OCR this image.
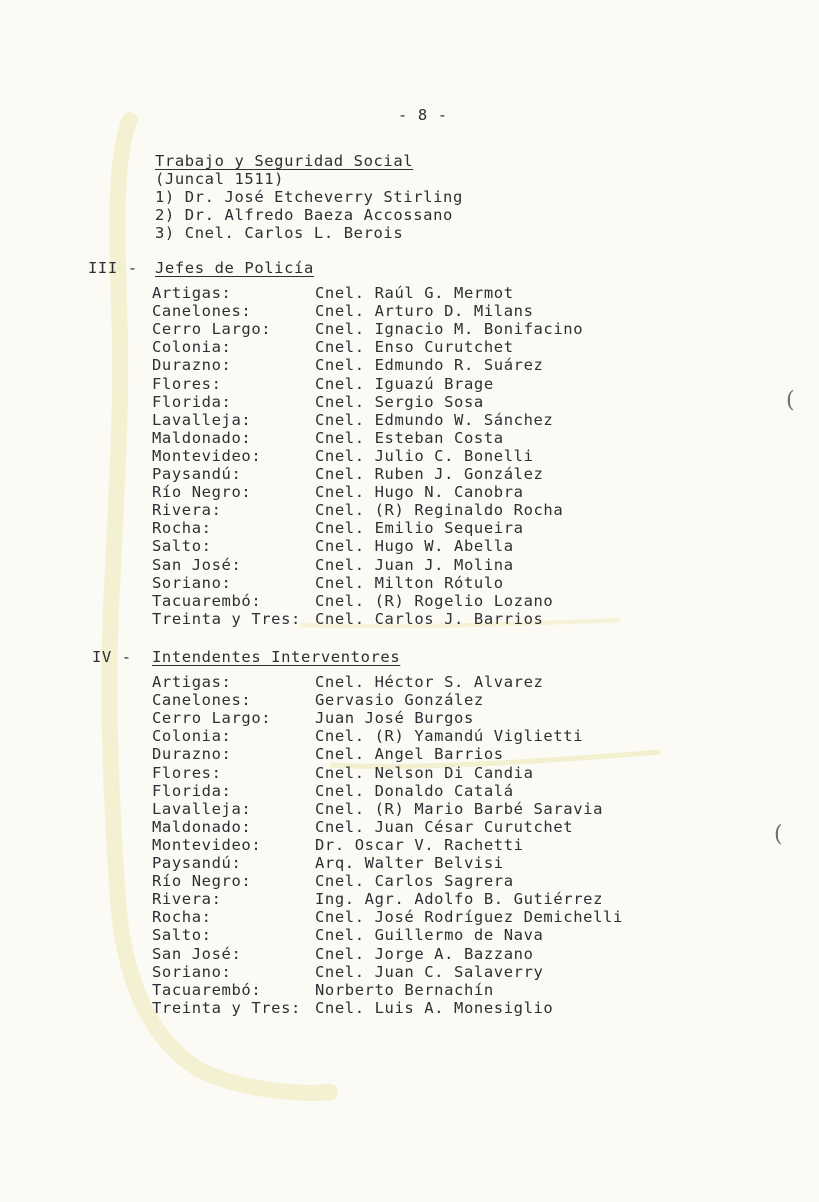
- 8 -
Trabajo y Seguridad Social
(Juncal 1511)
1) Dr. José Etcheverry Stirling
2) Dr. Alfredo Baeza Accossano
3) Cnel. Carlos L. Berois
III - Jefes de Policía
Artigas:	Cnel. Raúl G. Mermot
Canelones:	Cnel. Arturo D. Milans
Cerro Largo:	Cnel. Ignacio M. Bonifacino
Colonia:	Cnel. Enso Curutchet
Durazno:	Cnel. Edmundo R. Suárez
Flores:	Cnel. Iguazú Brage
Florida:	Cnel. Sergio Sosa
Lavalleja:	Cnel. Edmundo W. Sánchez
Maldonado:	Cnel. Esteban Costa
Montevideo:	Cnel. Julio C. Bonelli
Paysandú:	Cnel. Ruben J. González
Río Negro:	Cnel. Hugo N. Canobra
Rivera:	Cnel. (R) Reginaldo Rocha
Rocha:	Cnel. Emilio Sequeira
Salto:	Cnel. Hugo W. Abella
San José:	Cnel. Juan J. Molina
Soriano:	Cnel. Milton Rótulo
Tacuarembó:	Cnel. (R) Rogelio Lozano
Treinta y Tres: Cnel. Carlos J. Barrios
IV - Intendentes Interventores
Artigas:	Cnel. Héctor S. Alvarez
Canelones:	Gervasio González
Cerro Largo:	Juan José Burgos
Colonia:	Cnel. (R) Yamandú Viglietti
Durazno:	Cnel. Angel Barrios
Flores:	Cnel. Nelson Di Candia
Florida:	Cnel. Donaldo Catalá
Lavalleja:	Cnel. (R) Mario Barbé Saravia
Maldonado:	Cnel. Juan César Curutchet
Montevideo:	Dr. Oscar V. Rachetti
Paysandú:	Arq. Walter Belvisi
Río Negro:	Cnel. Carlos Sagrera
Rivera:	Ing. Agr. Adolfo B. Gutiérrez
Rocha:	Cnel. José Rodríguez Demichelli
Salto:	Cnel. Guillermo de Nava
San José:	Cnel. Jorge A. Bazzano
Soriano:	Cnel. Juan C. Salaverry
Tacuarembó:	Norberto Bernachín
Treinta y Tres: Cnel. Luis A. Monesiglio
(
(
